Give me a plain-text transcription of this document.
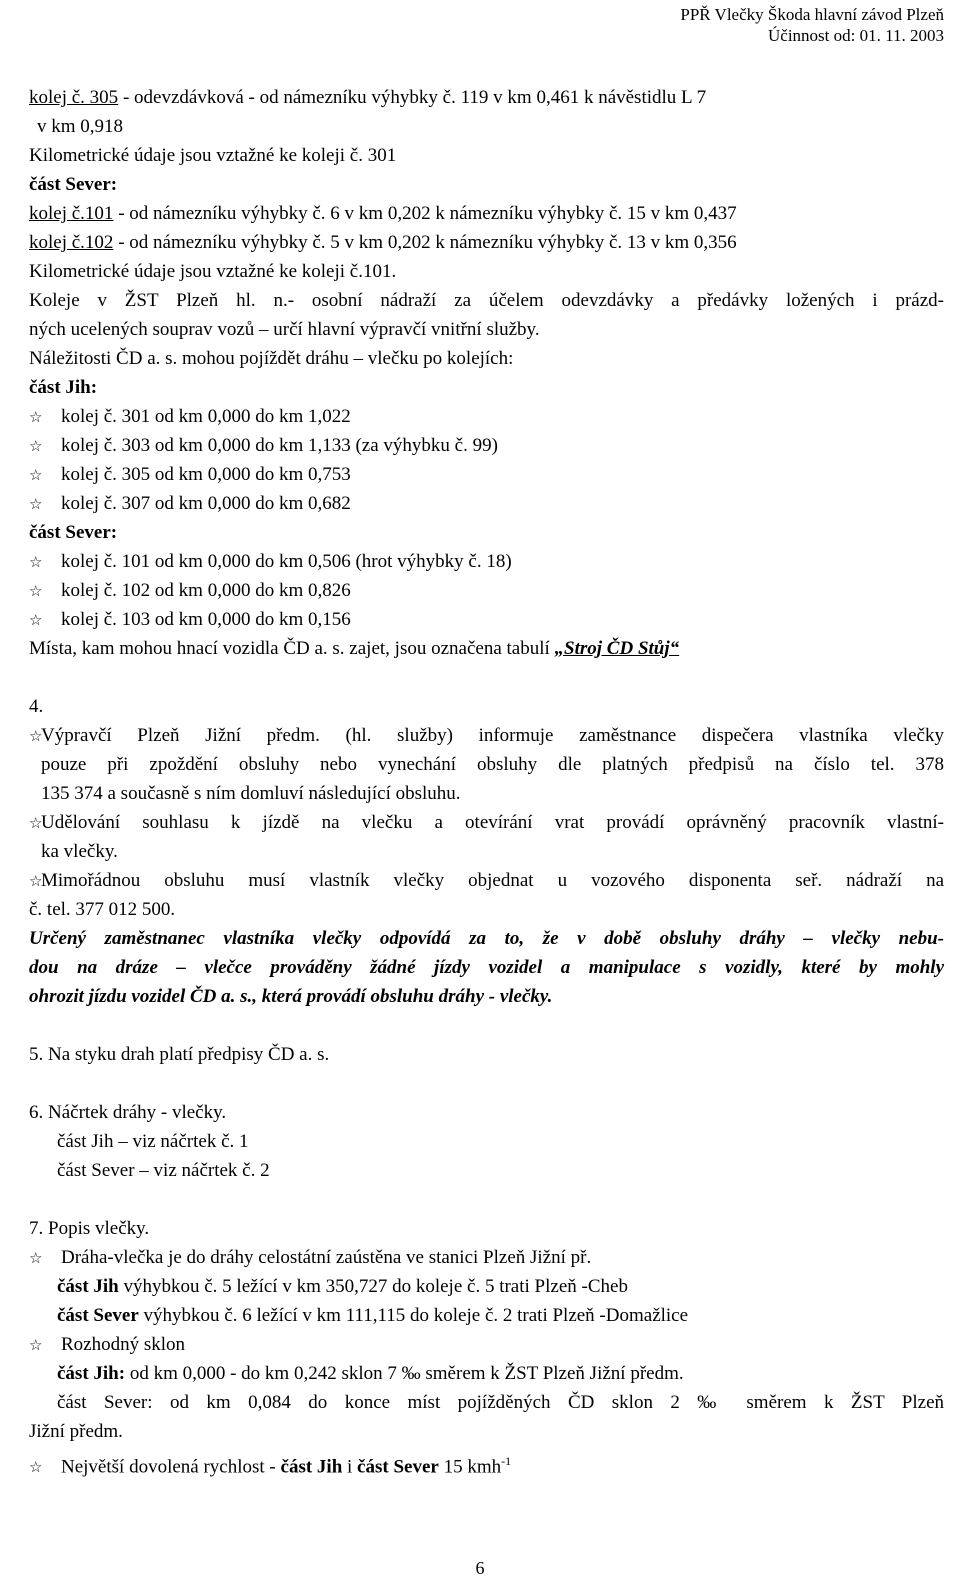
PPŘ Vlečky Škoda hlavní závod Plzeň
Účinnost od: 01. 11. 2003
kolej č. 305 - odevzdávková - od námezníku výhybky č. 119 v km 0,461 k návěstidlu L 7
v km 0,918
Kilometrické údaje jsou vztažné ke koleji č. 301
část Sever:
kolej č.101 - od námezníku výhybky č. 6 v km 0,202 k námezníku výhybky č. 15 v km 0,437
kolej č.102 - od námezníku výhybky č. 5 v km 0,202 k námezníku výhybky č. 13 v km 0,356
Kilometrické údaje jsou vztažné ke koleji č.101.
Koleje v ŽST Plzeň hl. n.- osobní nádraží za účelem odevzdávky a předávky ložených i prázd-
ných ucelených souprav vozů – určí hlavní výpravčí vnitřní služby.
Náležitosti ČD a. s. mohou pojíždět dráhu – vlečku po kolejích:
část Jih:
☆ kolej č. 301 od km 0,000 do km 1,022
☆ kolej č. 303 od km 0,000 do km 1,133 (za výhybku č. 99)
☆ kolej č. 305 od km 0,000 do km 0,753
☆ kolej č. 307 od km 0,000 do km 0,682
část Sever:
☆ kolej č. 101 od km 0,000 do km 0,506 (hrot výhybky č. 18)
☆ kolej č. 102 od km 0,000 do km 0,826
☆ kolej č. 103 od km 0,000 do km 0,156
Místa, kam mohou hnací vozidla ČD a. s. zajet, jsou označena tabulí „Stroj ČD Stůj“
4.
☆
Výpravčí Plzeň Jižní předm. (hl. služby) informuje zaměstnance dispečera vlastníka vlečky
pouze při zpoždění obsluhy nebo vynechání obsluhy dle platných předpisů na číslo tel. 378
135 374 a současně s ním domluví následující obsluhu.
☆
Udělování souhlasu k jízdě na vlečku a otevírání vrat provádí oprávněný pracovník vlastní-
ka vlečky.
☆
Mimořádnou obsluhu musí vlastník vlečky objednat u vozového disponenta seř. nádraží na
č. tel. 377 012 500.
Určený zaměstnanec vlastníka vlečky odpovídá za to, že v době obsluhy dráhy – vlečky nebu-
dou na dráze – vlečce prováděny žádné jízdy vozidel a manipulace s vozidly, které by mohly
ohrozit jízdu vozidel ČD a. s., která provádí obsluhu dráhy - vlečky.
5. Na styku drah platí předpisy ČD a. s.
6. Náčrtek dráhy - vlečky.
část Jih – viz náčrtek č. 1
část Sever – viz náčrtek č. 2
7. Popis vlečky.
☆ Dráha-vlečka je do dráhy celostátní zaústěna ve stanici Plzeň Jižní př.
část Jih výhybkou č. 5 ležící v km 350,727 do koleje č. 5 trati Plzeň -Cheb
část Sever výhybkou č. 6 ležící v km 111,115 do koleje č. 2 trati Plzeň -Domažlice
☆ Rozhodný sklon
část Jih: od km 0,000 - do km 0,242 sklon 7 ‰ směrem k ŽST Plzeň Jižní předm.
část Sever: od km 0,084 do konce míst pojížděných ČD sklon 2 ‰ směrem k ŽST Plzeň
Jižní předm.
☆ Největší dovolená rychlost - část Jih i část Sever 15 kmh$^{-1}$
6
